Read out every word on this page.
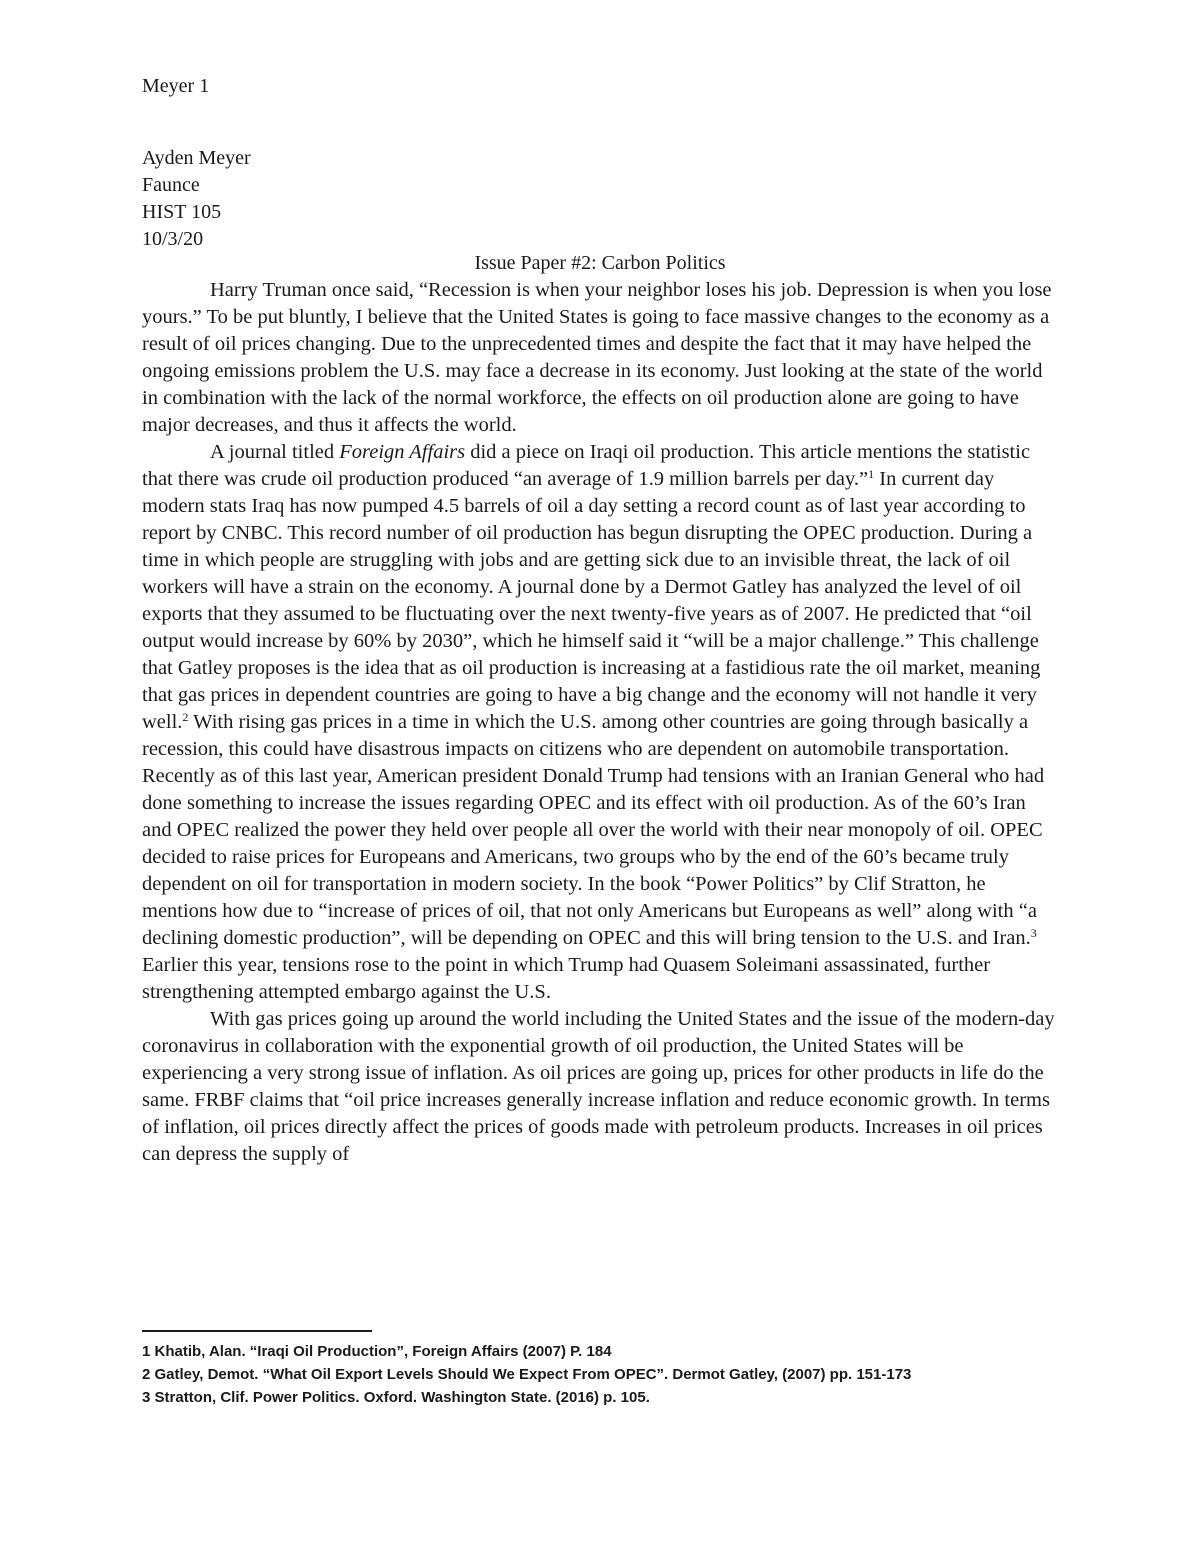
Meyer 1
Ayden Meyer
Faunce
HIST 105
10/3/20
Issue Paper #2: Carbon Politics

Harry Truman once said, “Recession is when your neighbor loses his job. Depression is when you lose yours.” To be put bluntly, I believe that the United States is going to face massive changes to the economy as a result of oil prices changing. Due to the unprecedented times and despite the fact that it may have helped the ongoing emissions problem the U.S. may face a decrease in its economy. Just looking at the state of the world in combination with the lack of the normal workforce, the effects on oil production alone are going to have major decreases, and thus it affects the world.

A journal titled Foreign Affairs did a piece on Iraqi oil production. This article mentions the statistic that there was crude oil production produced “an average of 1.9 million barrels per day.”$^1$ In current day modern stats Iraq has now pumped 4.5 barrels of oil a day setting a record count as of last year according to report by CNBC. This record number of oil production has begun disrupting the OPEC production. During a time in which people are struggling with jobs and are getting sick due to an invisible threat, the lack of oil workers will have a strain on the economy. A journal done by a Dermot Gatley has analyzed the level of oil exports that they assumed to be fluctuating over the next twenty-five years as of 2007. He predicted that “oil output would increase by 60% by 2030”, which he himself said it “will be a major challenge.” This challenge that Gatley proposes is the idea that as oil production is increasing at a fastidious rate the oil market, meaning that gas prices in dependent countries are going to have a big change and the economy will not handle it very well.$^2$ With rising gas prices in a time in which the U.S. among other countries are going through basically a recession, this could have disastrous impacts on citizens who are dependent on automobile transportation. Recently as of this last year, American president Donald Trump had tensions with an Iranian General who had done something to increase the issues regarding OPEC and its effect with oil production. As of the 60’s Iran and OPEC realized the power they held over people all over the world with their near monopoly of oil. OPEC decided to raise prices for Europeans and Americans, two groups who by the end of the 60’s became truly dependent on oil for transportation in modern society. In the book “Power Politics” by Clif Stratton, he mentions how due to “increase of prices of oil, that not only Americans but Europeans as well” along with “a declining domestic production”, will be depending on OPEC and this will bring tension to the U.S. and Iran.$^3$ Earlier this year, tensions rose to the point in which Trump had Quasem Soleimani assassinated, further strengthening attempted embargo against the U.S.

With gas prices going up around the world including the United States and the issue of the modern-day coronavirus in collaboration with the exponential growth of oil production, the United States will be experiencing a very strong issue of inflation. As oil prices are going up, prices for other products in life do the same. FRBF claims that “oil price increases generally increase inflation and reduce economic growth. In terms of inflation, oil prices directly affect the prices of goods made with petroleum products. Increases in oil prices can depress the supply of

1 Khatib, Alan. “Iraqi Oil Production”, Foreign Affairs (2007) P. 184
2 Gatley, Demot. “What Oil Export Levels Should We Expect From OPEC”. Dermot Gatley, (2007) pp. 151-173
3 Stratton, Clif. Power Politics. Oxford. Washington State. (2016) p. 105.
